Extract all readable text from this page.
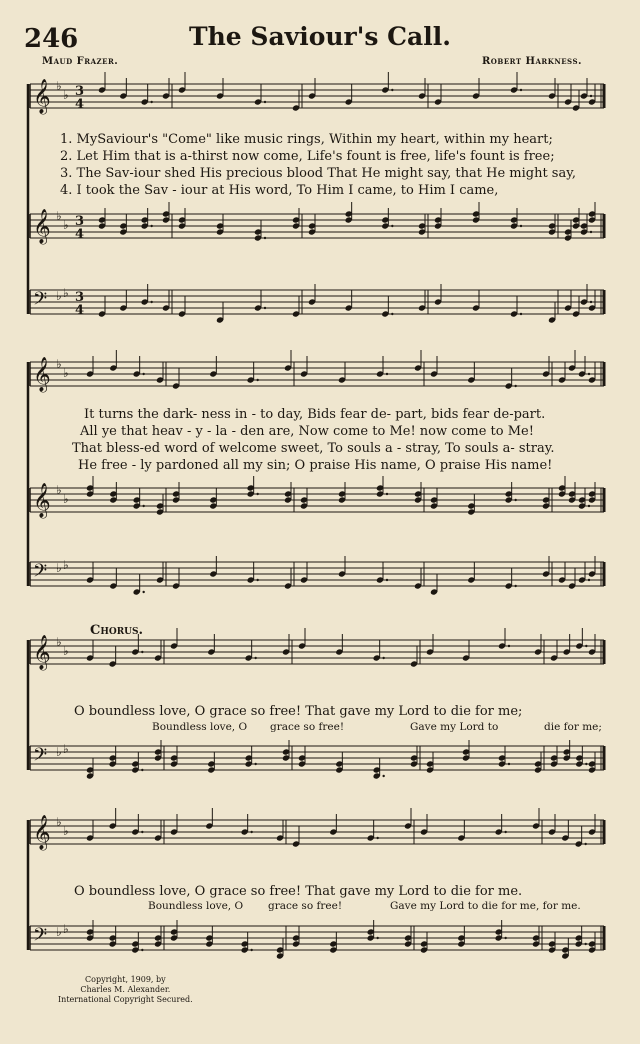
246	The Saviour's Call.
Maud Frazer.	Robert Harkness.
𝄞 ♭
♭ 3
4
𝄞 ♭
♭ 3
4
𝄢 ♭ ♭ 3
4
𝄞 ♭
♭
𝄞 ♭
♭
𝄢 ♭ ♭
𝄞 ♭
♭
𝄢 ♭ ♭
𝄞 ♭
♭
𝄢 ♭ ♭
1. MySaviour's "Come" like music rings, Within my heart, within my heart;
2. Let Him that is a-thirst now come, Life's fount is free, life's fount is free;
3. The Sav-iour shed His precious blood That He might say, that He might say,
4. I took the Sav - iour at His word, To Him I came, to Him I came,
It turns the dark- ness in - to day, Bids fear de- part, bids fear de-part.
All ye that heav - y - la - den are, Now come to Me! now come to Me!
That bless-ed word of welcome sweet, To souls a - stray, To souls a- stray.
He free - ly pardoned all my sin; O praise His name, O praise His name!
Chorus.
O boundless love, O grace so free! That gave my Lord to die for me;
Boundless love, O grace so free!	Gave my Lord to	die for me;
O boundless love, O grace so free! That gave my Lord to die for me.
Boundless love, O grace so free!	Gave my Lord to die for me, for me.
Copyright, 1909, by
Charles M. Alexander.
International Copyright Secured.
